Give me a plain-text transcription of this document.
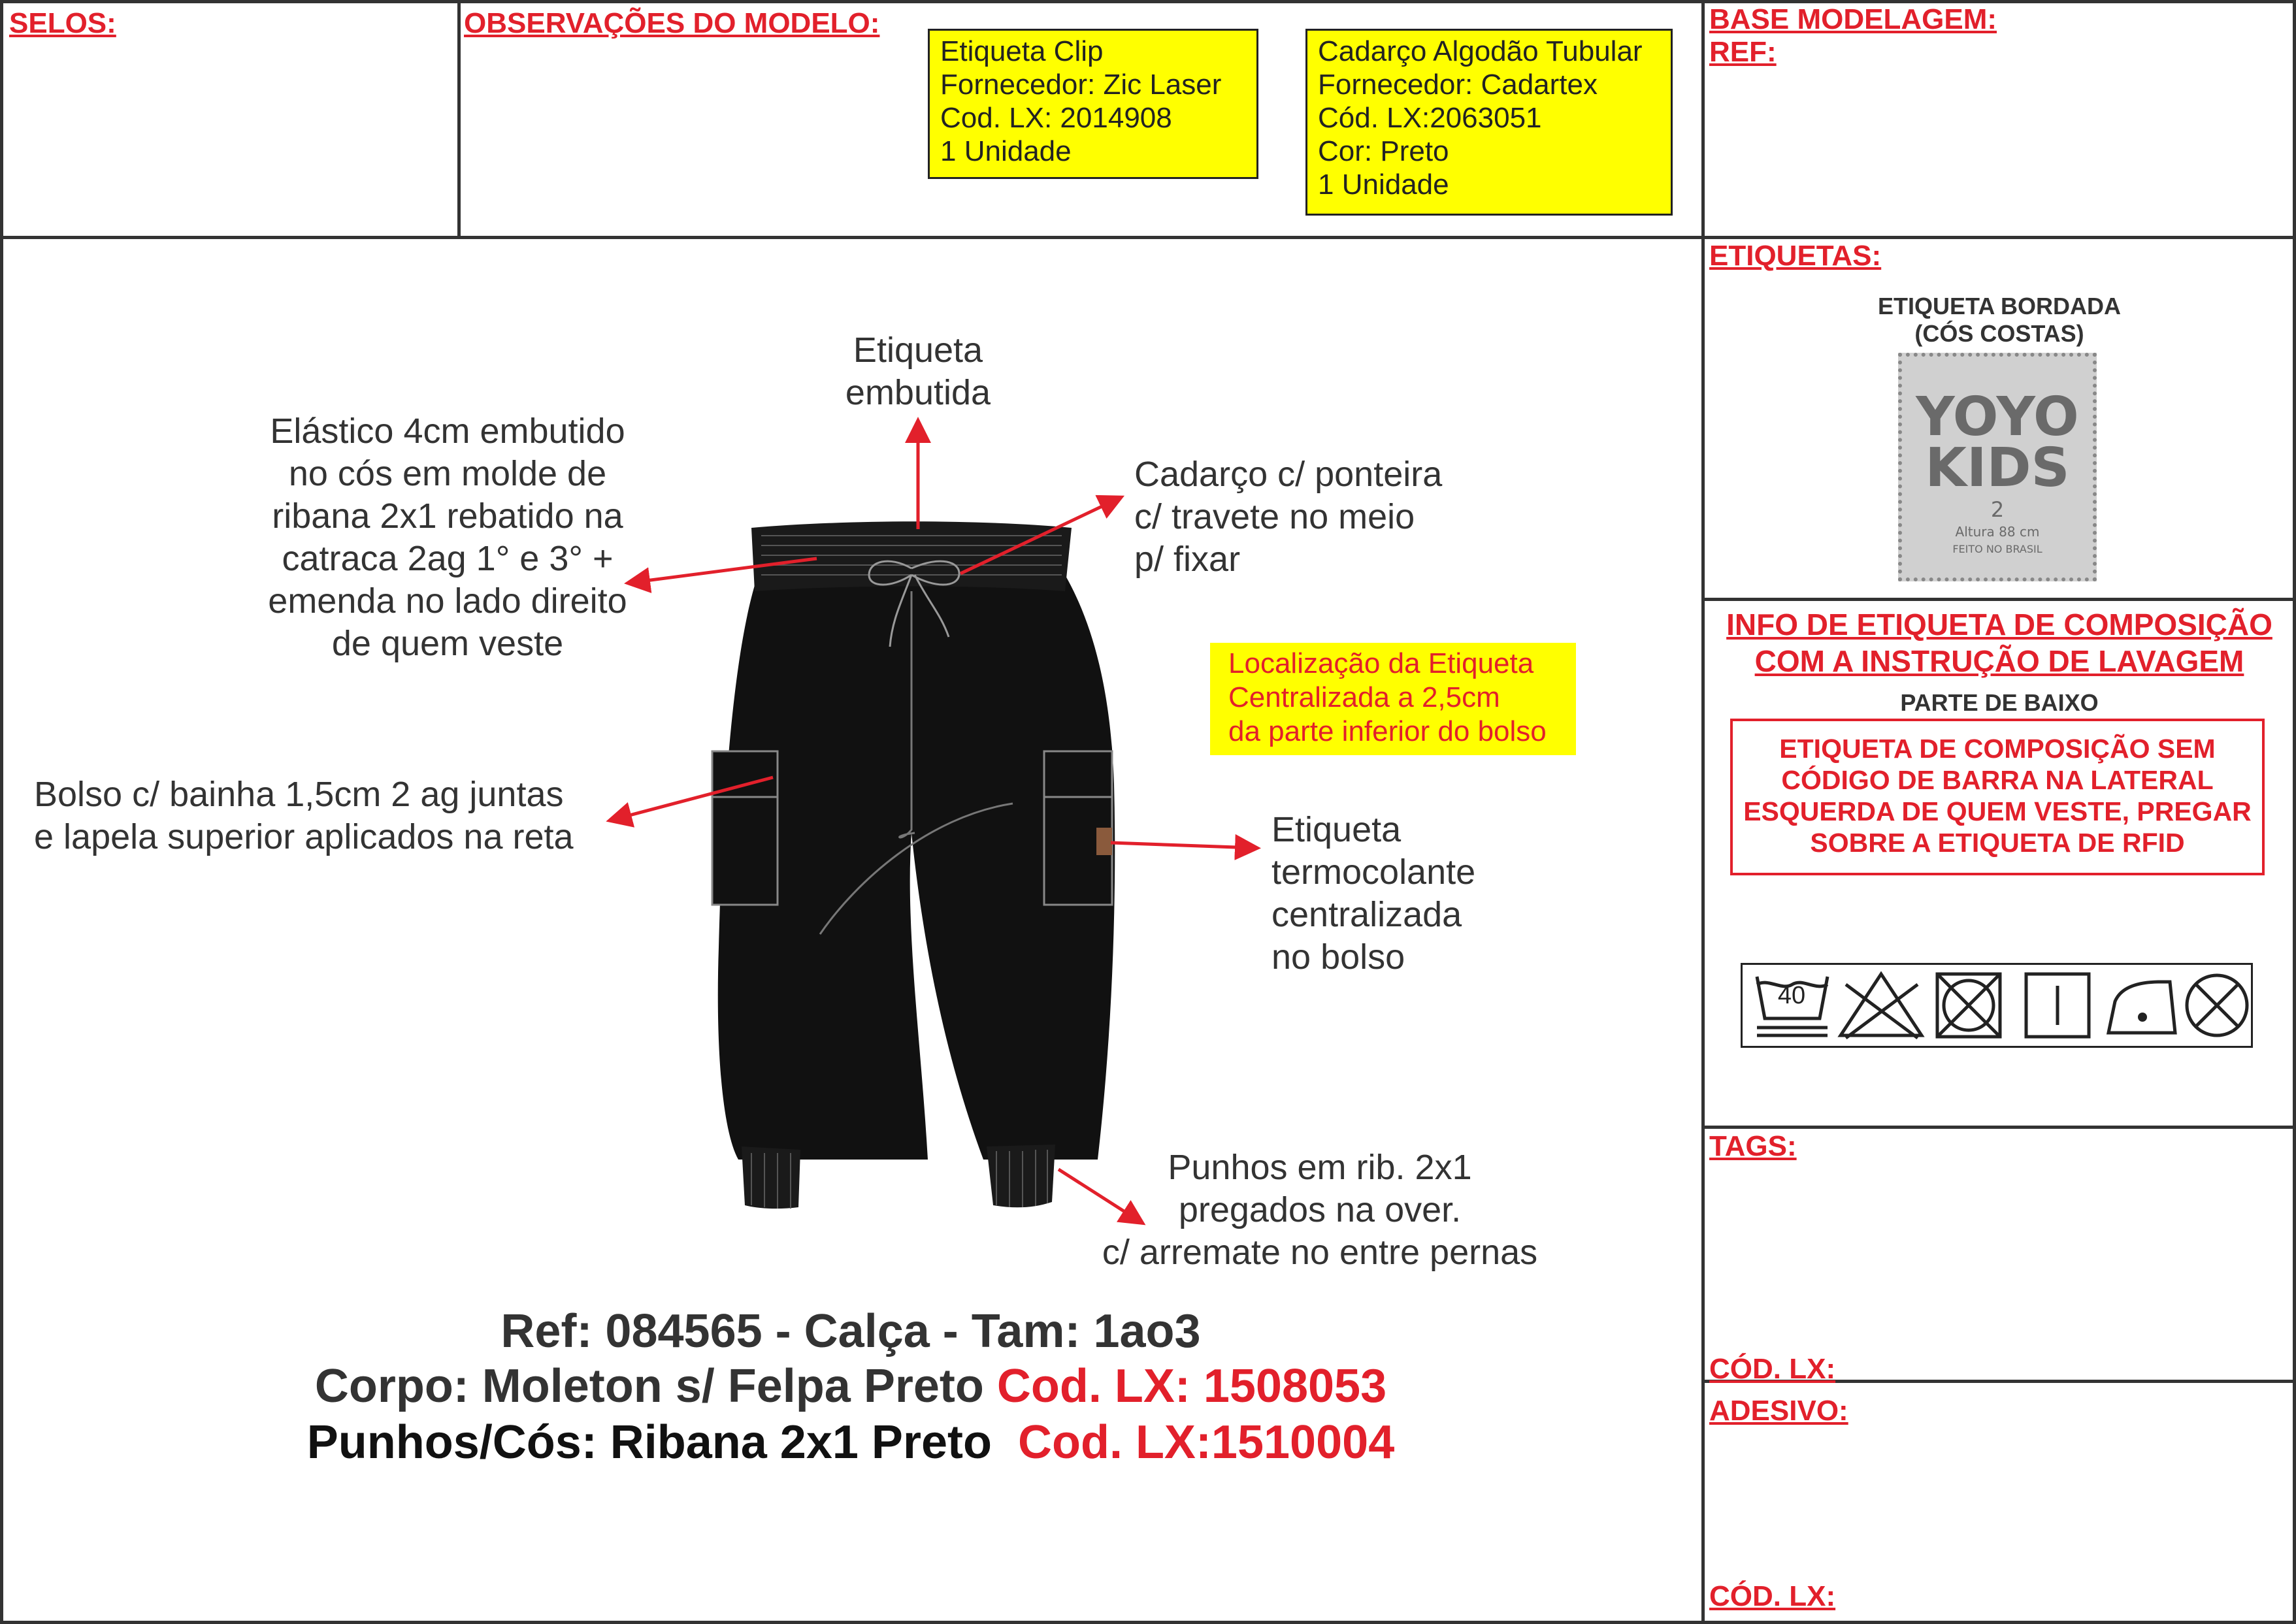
SELOS:	OBSERVAÇÕES DO MODELO:	BASE MODELAGEM:
REF:
Etiqueta Clip
Fornecedor: Zic Laser
Cod. LX: 2014908
1 Unidade
Cadarço Algodão Tubular
Fornecedor: Cadartex
Cód. LX:2063051
Cor: Preto
1 Unidade
Etiqueta
embutida
Elástico 4cm embutido
no cós em molde de
ribana 2x1 rebatido na
catraca 2ag 1° e 3° +
emenda no lado direito
de quem veste
Cadarço c/ ponteira
c/ travete no meio
p/ fixar
Localização da Etiqueta
Centralizada a 2,5cm
da parte inferior do bolso
Bolso c/ bainha 1,5cm 2 ag juntas
e lapela superior aplicados na reta	Etiqueta
termocolante
centralizada
no bolso
Punhos em rib. 2x1
pregados na over.
c/ arremate no entre pernas
Ref: 084565 - Calça - Tam: 1ao3
Corpo: Moleton s/ Felpa Preto Cod. LX: 1508053
Punhos/Cós: Ribana 2x1 Preto  Cod. LX:1510004
ETIQUETAS:
ETIQUETA BORDADA
(CÓS COSTAS)
YOYO
KIDS
2
Altura 88 cm
FEITO NO BRASIL
INFO DE ETIQUETA DE COMPOSIÇÃO
COM A INSTRUÇÃO DE LAVAGEM
PARTE DE BAIXO
ETIQUETA DE COMPOSIÇÃO SEM
CÓDIGO DE BARRA NA LATERAL
ESQUERDA DE QUEM VESTE, PREGAR
SOBRE A ETIQUETA DE RFID
40
TAGS:
CÓD. LX:
ADESIVO:
CÓD. LX:
